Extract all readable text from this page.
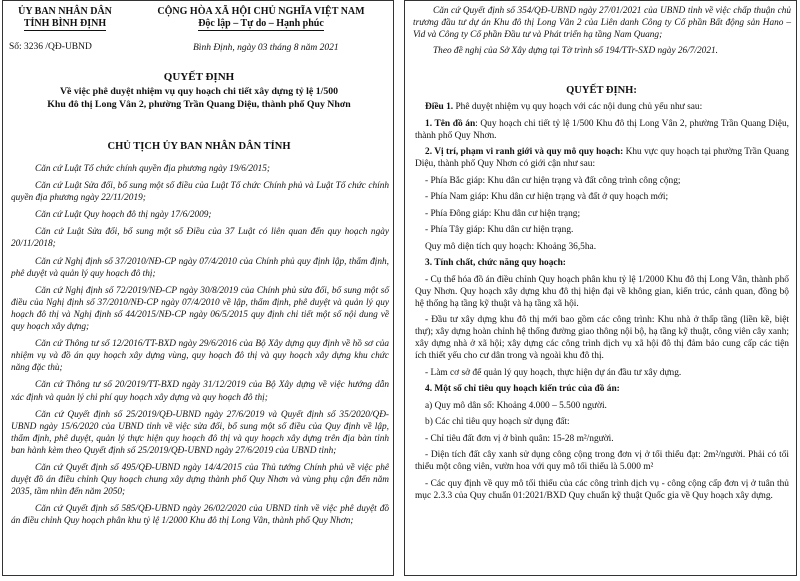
ỦY BAN NHÂN DÂN
TỈNH BÌNH ĐỊNH
CỘNG HÒA XÃ HỘI CHỦ NGHĨA VIỆT NAM
Độc lập – Tự do – Hạnh phúc
Số: 3236 /QĐ-UBND	Bình Định, ngày 03 tháng 8 năm 2021
QUYẾT ĐỊNH
Về việc phê duyệt nhiệm vụ quy hoạch chi tiết xây dựng tỷ lệ 1/500
Khu đô thị Long Vân 2, phường Trần Quang Diệu, thành phố Quy Nhơn
CHỦ TỊCH ỦY BAN NHÂN DÂN TỈNH

Căn cứ Luật Tổ chức chính quyền địa phương ngày 19/6/2015;

Căn cứ Luật Sửa đổi, bổ sung một số điều của Luật Tổ chức Chính phủ và Luật Tổ chức chính quyền địa phương ngày 22/11/2019;

Căn cứ Luật Quy hoạch đô thị ngày 17/6/2009;

Căn cứ Luật Sửa đổi, bổ sung một số Điều của 37 Luật có liên quan đến quy hoạch ngày 20/11/2018;

Căn cứ Nghị định số 37/2010/NĐ-CP ngày 07/4/2010 của Chính phủ quy định lập, thẩm định, phê duyệt và quản lý quy hoạch đô thị;

Căn cứ Nghị định số 72/2019/NĐ-CP ngày 30/8/2019 của Chính phủ sửa đổi, bổ sung một số điều của Nghị định số 37/2010/NĐ-CP ngày 07/4/2010 về lập, thẩm định, phê duyệt và quản lý quy hoạch đô thị và Nghị định số 44/2015/NĐ-CP ngày 06/5/2015 quy định chi tiết một số nội dung về quy hoạch xây dựng;

Căn cứ Thông tư số 12/2016/TT-BXD ngày 29/6/2016 của Bộ Xây dựng quy định về hồ sơ của nhiệm vụ và đồ án quy hoạch xây dựng vùng, quy hoạch đô thị và quy hoạch xây dựng khu chức năng đặc thù;

Căn cứ Thông tư số 20/2019/TT-BXD ngày 31/12/2019 của Bộ Xây dựng về việc hướng dẫn xác định và quản lý chi phí quy hoạch xây dựng và quy hoạch đô thị;

Căn cứ Quyết định số 25/2019/QĐ-UBND ngày 27/6/2019 và Quyết định số 35/2020/QĐ-UBND ngày 15/6/2020 của UBND tỉnh về việc sửa đổi, bổ sung một số điều của Quy định về lập, thẩm định, phê duyệt, quản lý thực hiện quy hoạch đô thị và quy hoạch xây dựng trên địa bàn tỉnh ban hành kèm theo Quyết định số 25/2019/QĐ-UBND ngày 27/6/2019 của UBND tỉnh;

Căn cứ Quyết định số 495/QĐ-UBND ngày 14/4/2015 của Thủ tướng Chính phủ về việc phê duyệt đồ án điều chỉnh Quy hoạch chung xây dựng thành phố Quy Nhơn và vùng phụ cận đến năm 2035, tầm nhìn đến năm 2050;

Căn cứ Quyết định số 585/QĐ-UBND ngày 26/02/2020 của UBND tỉnh về việc phê duyệt đồ án điều chỉnh Quy hoạch phân khu tỷ lệ 1/2000 Khu đô thị Long Vân, thành phố Quy Nhơn;

Căn cứ Quyết định số 354/QĐ-UBND ngày 27/01/2021 của UBND tỉnh về việc chấp thuận chủ trương đầu tư dự án Khu đô thị Long Vân 2 của Liên danh Công ty Cổ phần Bất động sản Hano – Vid và Công ty Cổ phần Đầu tư và Phát triển hạ tầng Nam Quang;

Theo đề nghị của Sở Xây dựng tại Tờ trình số 194/TTr-SXD ngày 26/7/2021.

QUYẾT ĐỊNH:

Điều 1. Phê duyệt nhiệm vụ quy hoạch với các nội dung chủ yếu như sau:

1. Tên đồ án: Quy hoạch chi tiết tỷ lệ 1/500 Khu đô thị Long Vân 2, phường Trần Quang Diệu, thành phố Quy Nhơn.

2. Vị trí, phạm vi ranh giới và quy mô quy hoạch: Khu vực quy hoạch tại phường Trần Quang Diệu, thành phố Quy Nhơn có giới cận như sau:

- Phía Bắc giáp: Khu dân cư hiện trạng và đất công trình công cộng;

- Phía Nam giáp: Khu dân cư hiện trạng và đất ở quy hoạch mới;

- Phía Đông giáp: Khu dân cư hiện trạng;

- Phía Tây giáp: Khu dân cư hiện trạng.

Quy mô diện tích quy hoạch: Khoảng 36,5ha.

3. Tính chất, chức năng quy hoạch:

- Cụ thể hóa đồ án điều chỉnh Quy hoạch phân khu tỷ lệ 1/2000 Khu đô thị Long Vân, thành phố Quy Nhơn. Quy hoạch xây dựng khu đô thị hiện đại về không gian, kiến trúc, cảnh quan, đồng bộ hệ thống hạ tầng kỹ thuật và hạ tầng xã hội.

- Đầu tư xây dựng khu đô thị mới bao gồm các công trình: Khu nhà ở thấp tầng (liền kề, biệt thự); xây dựng hoàn chỉnh hệ thống đường giao thông nội bộ, hạ tầng kỹ thuật, công viên cây xanh; xây dựng nhà ở xã hội; xây dựng các công trình dịch vụ xã hội đô thị đảm bảo cung cấp các tiện ích thiết yếu cho cư dân trong và ngoài khu đô thị.

- Làm cơ sở để quản lý quy hoạch, thực hiện dự án đầu tư xây dựng.

4. Một số chỉ tiêu quy hoạch kiến trúc của đồ án:

a) Quy mô dân số: Khoảng 4.000 – 5.500 người.

b) Các chỉ tiêu quy hoạch sử dụng đất:

- Chỉ tiêu đất đơn vị ở bình quân: 15-28 m²/người.

- Diện tích đất cây xanh sử dụng công cộng trong đơn vị ở tối thiểu đạt: 2m²/người. Phải có tối thiểu một công viên, vườn hoa với quy mô tối thiểu là 5.000 m²

- Các quy định về quy mô tối thiểu của các công trình dịch vụ - công cộng cấp đơn vị ở tuân thủ mục 2.3.3 của Quy chuẩn 01:2021/BXD Quy chuẩn kỹ thuật Quốc gia về Quy hoạch xây dựng.
